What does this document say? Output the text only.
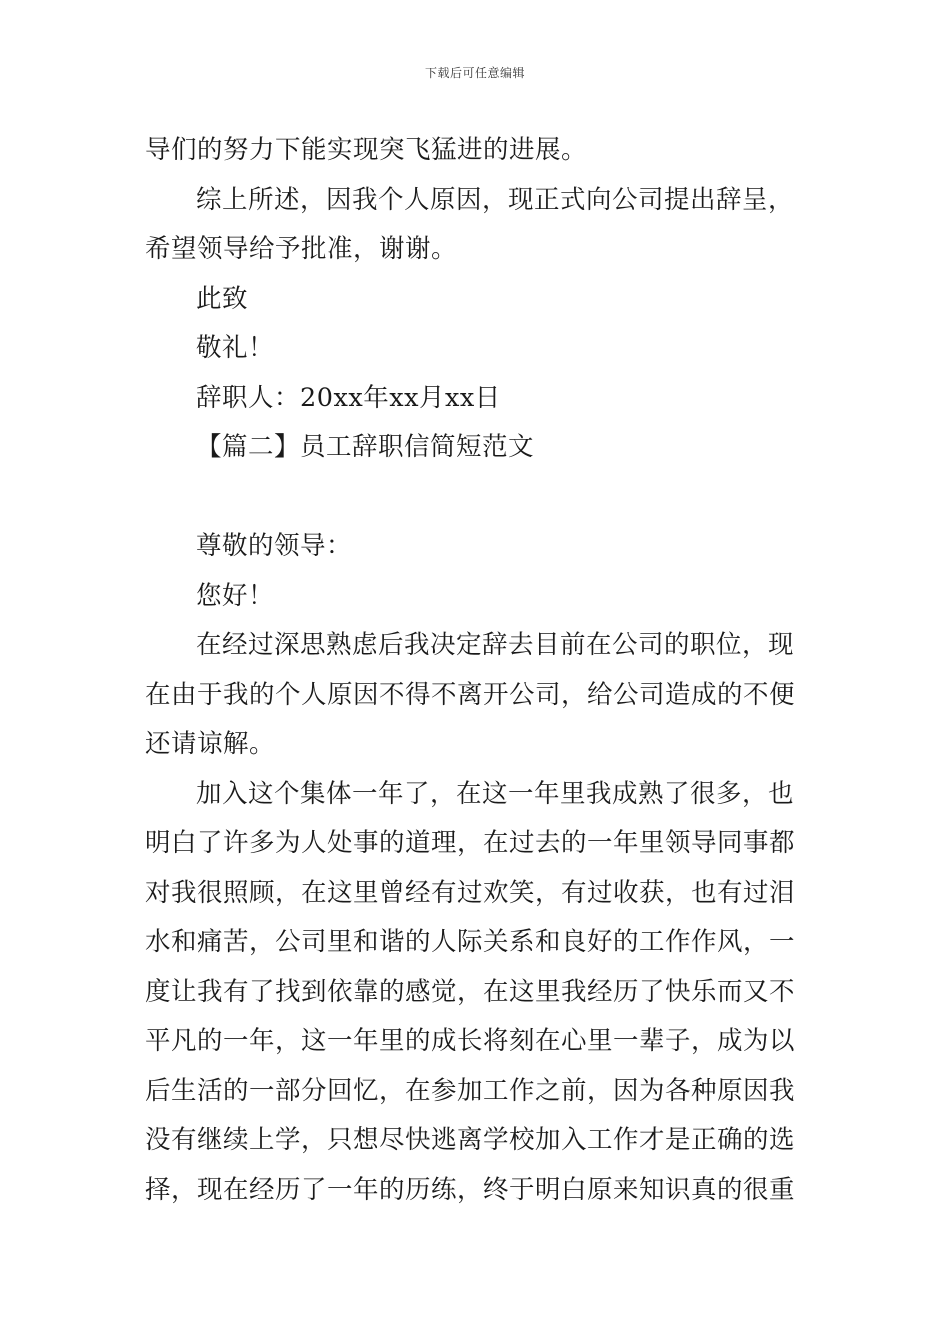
下载后可任意编辑
导们的努力下能实现突飞猛进的进展。
综上所述，因我个人原因，现正式向公司提出辞呈，
希望领导给予批准，谢谢。
此致
敬礼！
辞职人：20xx年xx月xx日
【篇二】员工辞职信简短范文
尊敬的领导：
您好！
在经过深思熟虑后我决定辞去目前在公司的职位，现
在由于我的个人原因不得不离开公司，给公司造成的不便
还请谅解。
加入这个集体一年了，在这一年里我成熟了很多，也
明白了许多为人处事的道理，在过去的一年里领导同事都
对我很照顾，在这里曾经有过欢笑，有过收获，也有过泪
水和痛苦，公司里和谐的人际关系和良好的工作作风，一
度让我有了找到依靠的感觉，在这里我经历了快乐而又不
平凡的一年，这一年里的成长将刻在心里一辈子，成为以
后生活的一部分回忆，在参加工作之前，因为各种原因我
没有继续上学，只想尽快逃离学校加入工作才是正确的选
择，现在经历了一年的历练，终于明白原来知识真的很重
